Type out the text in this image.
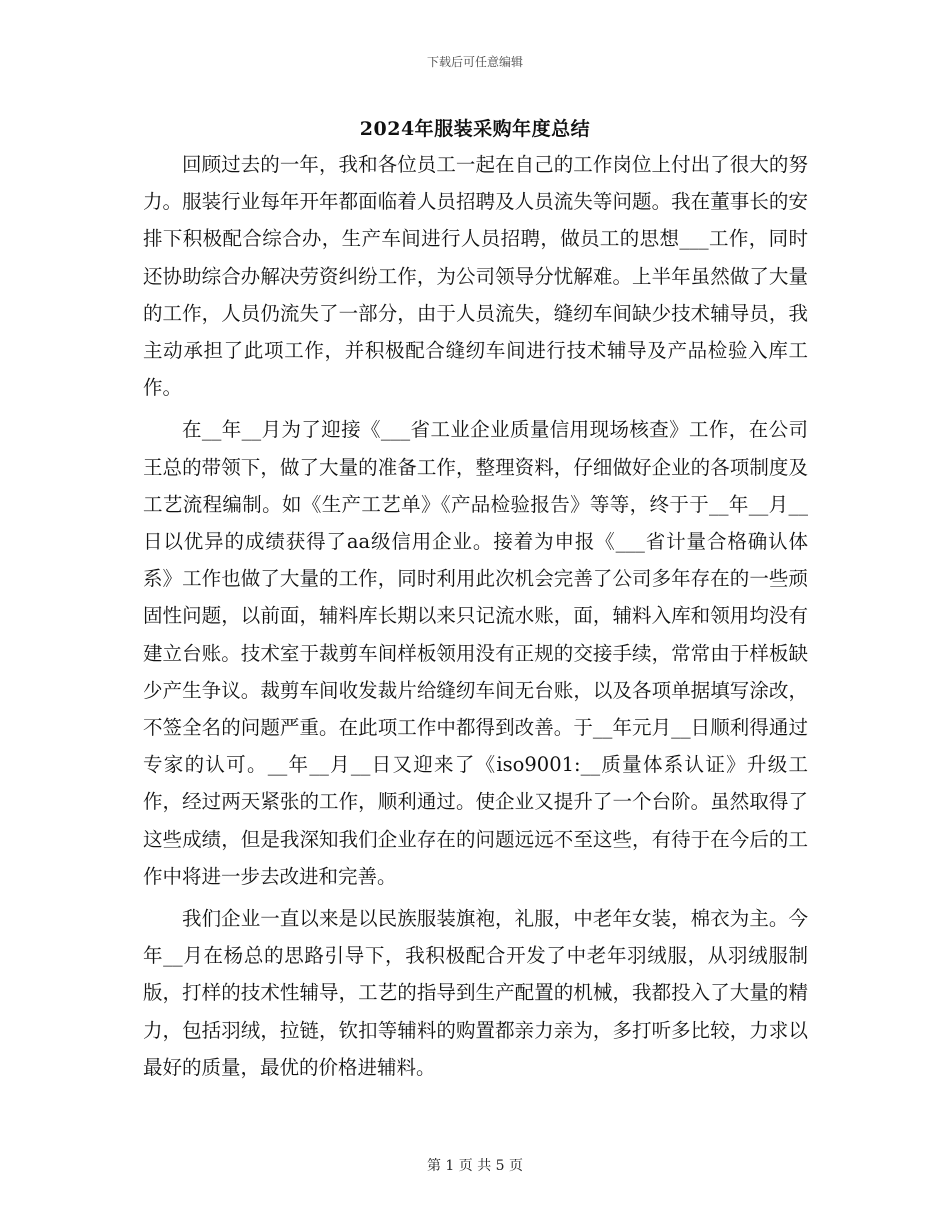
下载后可任意编辑
2024年服装采购年度总结

回顾过去的一年，我和各位员工一起在自己的工作岗位上付出了很大的努力。服装行业每年开年都面临着人员招聘及人员流失等问题。我在董事长的安排下积极配合综合办，生产车间进行人员招聘，做员工的思想___工作，同时还协助综合办解决劳资纠纷工作，为公司领导分忧解难。上半年虽然做了大量的工作，人员仍流失了一部分，由于人员流失，缝纫车间缺少技术辅导员，我主动承担了此项工作，并积极配合缝纫车间进行技术辅导及产品检验入库工作。

在__年__月为了迎接《___省工业企业质量信用现场核查》工作，在公司王总的带领下，做了大量的准备工作，整理资料，仔细做好企业的各项制度及工艺流程编制。如《生产工艺单》《产品检验报告》等等，终于于__年__月__日以优异的成绩获得了aa级信用企业。接着为申报《___省计量合格确认体系》工作也做了大量的工作，同时利用此次机会完善了公司多年存在的一些顽固性问题，以前面，辅料库长期以来只记流水账，面，辅料入库和领用均没有建立台账。技术室于裁剪车间样板领用没有正规的交接手续，常常由于样板缺少产生争议。裁剪车间收发裁片给缝纫车间无台账，以及各项单据填写涂改，不签全名的问题严重。在此项工作中都得到改善。于__年元月__日顺利得通过专家的认可。__年__月__日又迎来了《iso9001:__质量体系认证》升级工作，经过两天紧张的工作，顺利通过。使企业又提升了一个台阶。虽然取得了这些成绩，但是我深知我们企业存在的问题远远不至这些，有待于在今后的工作中将进一步去改进和完善。

我们企业一直以来是以民族服装旗袍，礼服，中老年女装，棉衣为主。今年__月在杨总的思路引导下，我积极配合开发了中老年羽绒服，从羽绒服制版，打样的技术性辅导，工艺的指导到生产配置的机械，我都投入了大量的精力，包括羽绒，拉链，钦扣等辅料的购置都亲力亲为，多打听多比较，力求以最好的质量，最优的价格进辅料。

第 1 页 共 5 页
